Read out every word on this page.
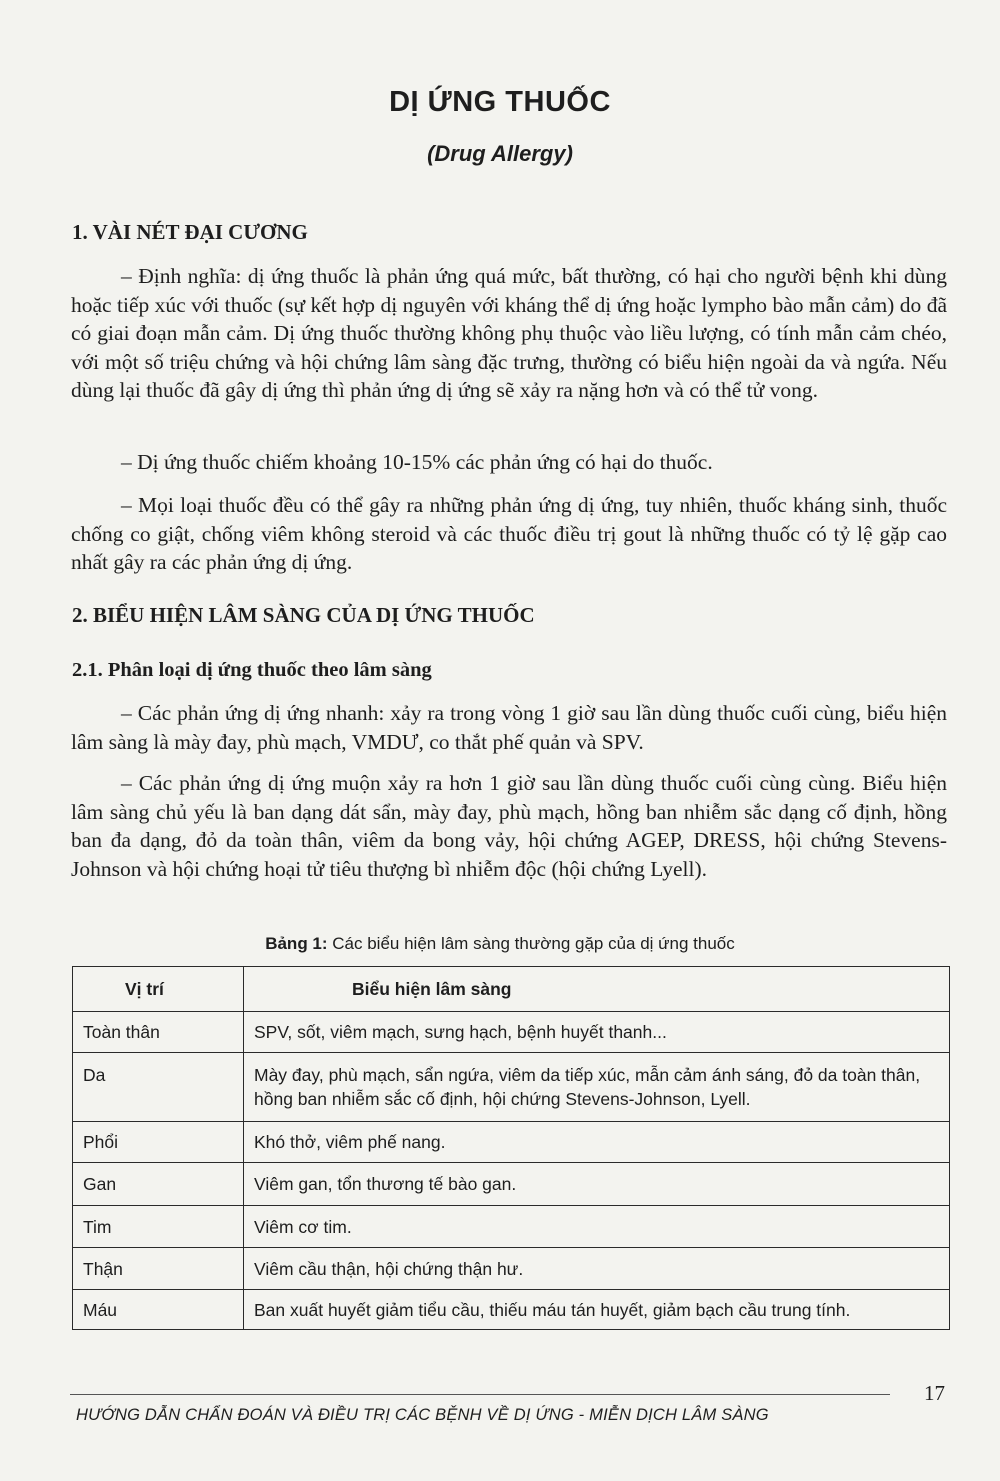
DỊ ỨNG THUỐC
(Drug Allergy)
1. VÀI NÉT ĐẠI CƯƠNG
– Định nghĩa: dị ứng thuốc là phản ứng quá mức, bất thường, có hại cho người bệnh khi dùng hoặc tiếp xúc với thuốc (sự kết hợp dị nguyên với kháng thể dị ứng hoặc lympho bào mẫn cảm) do đã có giai đoạn mẫn cảm. Dị ứng thuốc thường không phụ thuộc vào liều lượng, có tính mẫn cảm chéo, với một số triệu chứng và hội chứng lâm sàng đặc trưng, thường có biểu hiện ngoài da và ngứa. Nếu dùng lại thuốc đã gây dị ứng thì phản ứng dị ứng sẽ xảy ra nặng hơn và có thể tử vong.
– Dị ứng thuốc chiếm khoảng 10-15% các phản ứng có hại do thuốc.
– Mọi loại thuốc đều có thể gây ra những phản ứng dị ứng, tuy nhiên, thuốc kháng sinh, thuốc chống co giật, chống viêm không steroid và các thuốc điều trị gout là những thuốc có tỷ lệ gặp cao nhất gây ra các phản ứng dị ứng.
2. BIỂU HIỆN LÂM SÀNG CỦA DỊ ỨNG THUỐC
2.1. Phân loại dị ứng thuốc theo lâm sàng
– Các phản ứng dị ứng nhanh: xảy ra trong vòng 1 giờ sau lần dùng thuốc cuối cùng, biểu hiện lâm sàng là mày đay, phù mạch, VMDƯ, co thắt phế quản và SPV.
– Các phản ứng dị ứng muộn xảy ra hơn 1 giờ sau lần dùng thuốc cuối cùng cùng. Biểu hiện lâm sàng chủ yếu là ban dạng dát sẩn, mày đay, phù mạch, hồng ban nhiễm sắc dạng cố định, hồng ban đa dạng, đỏ da toàn thân, viêm da bong vảy, hội chứng AGEP, DRESS, hội chứng Stevens-Johnson và hội chứng hoại tử tiêu thượng bì nhiễm độc (hội chứng Lyell).
Bảng 1: Các biểu hiện lâm sàng thường gặp của dị ứng thuốc
Vị trí	Biểu hiện lâm sàng
Toàn thân	SPV, sốt, viêm mạch, sưng hạch, bệnh huyết thanh...
Da	Mày đay, phù mạch, sẩn ngứa, viêm da tiếp xúc, mẫn cảm ánh sáng, đỏ da toàn thân, hồng ban nhiễm sắc cố định, hội chứng Stevens-Johnson, Lyell.
Phổi	Khó thở, viêm phế nang.
Gan	Viêm gan, tổn thương tế bào gan.
Tim	Viêm cơ tim.
Thận	Viêm cầu thận, hội chứng thận hư.
Máu	Ban xuất huyết giảm tiểu cầu, thiếu máu tán huyết, giảm bạch cầu trung tính.
17
HƯỚNG DẪN CHẨN ĐOÁN VÀ ĐIỀU TRỊ CÁC BỆNH VỀ DỊ ỨNG - MIỄN DỊCH LÂM SÀNG
